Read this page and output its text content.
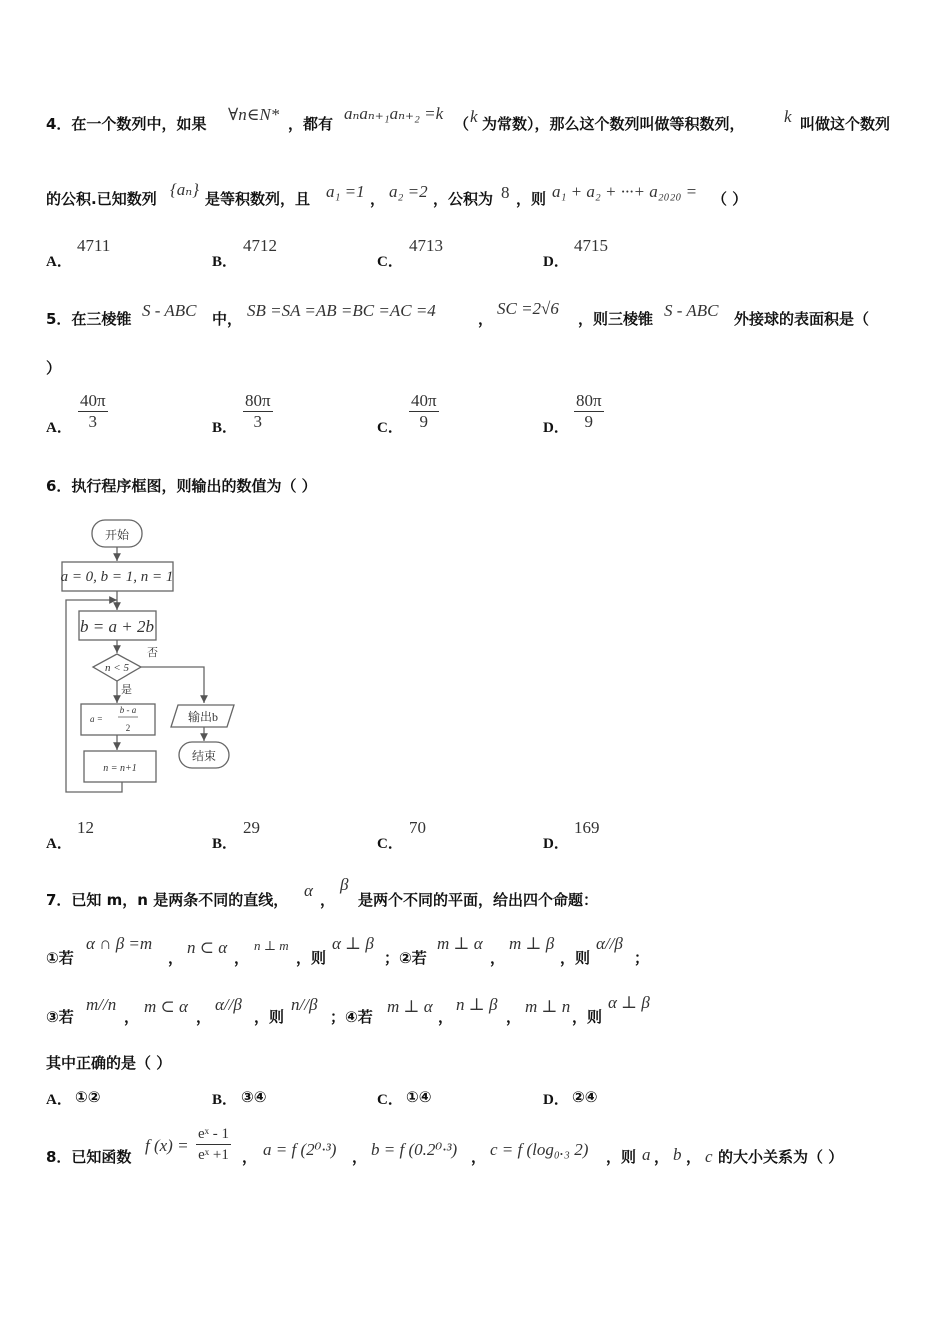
4．在一个数列中，如果 ∀n∈N* ，都有
aₙaₙ₊₁aₙ₊₂ =k
（ k 为常数），那么这个数列叫做等积数列， k 叫做这个数列
的公积.已知数列 {aₙ} 是等积数列，且 a₁ =1 ， a₂ =2 ，公积为 8 ，则 a₁ + a₂ + ···+ a₂₀₂₀ = （ ）
A．
4711
B．
4712
C．
4713
D．
4715
5．在三棱锥 S - ABC 中， SB =SA =AB =BC =AC =4	，
SC =2√6
，则三棱锥 S - ABC 外接球的表面积是（
）
A． $\frac{40\pi}{3}$	B． $\frac{80\pi}{3}$	C． $\frac{40\pi}{9}$	D． $\frac{80\pi}{9}$
6．执行程序框图，则输出的数值为（ ）
开始
a = 0, b = 1, n = 1
b = a + 2b
n < 5
否
是
a =
b - a
2
n = n+1
输出b
结束
A．
12
B．
29
C．
70
D．
169
7．已知 m，n 是两条不同的直线， α ，
β
是两个不同的平面，给出四个命题：
①若
α ∩ β =m
，
n ⊂ α
，
n ⊥ m
，则
α ⊥ β
；②若
m ⊥ α
，
m ⊥ β
，则
α//β
；
③若
m//n
，
m ⊂ α
，
α//β
，则
n//β
；④若
m ⊥ α
，
n ⊥ β
，
m ⊥ n
，则
α ⊥ β
其中正确的是（ ）
A． ①②	B． ③④	C． ①④	D． ②④
8．已知函数
f $(x) = \frac{\text{eˣ - 1}}{\text{eˣ +1}}$ ， a = f (2⁰·³) ， b = f (0.2⁰·³) ， c = f (log₀.₃ 2) ，则 a ， b ， c 的大小关系为（ ）
